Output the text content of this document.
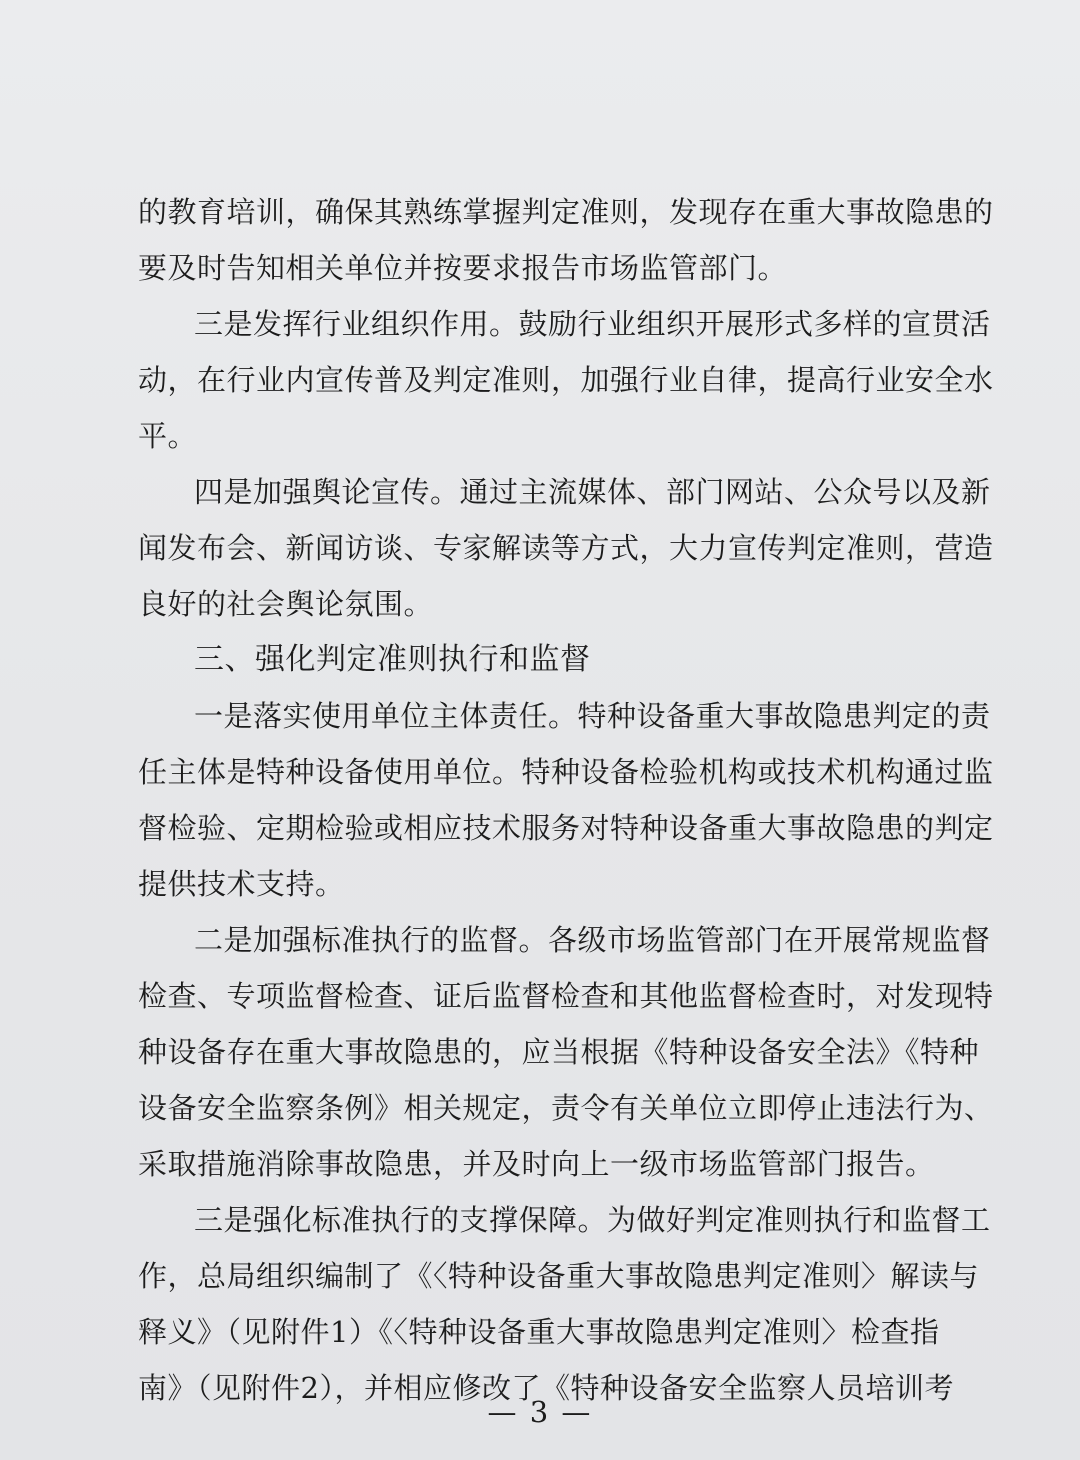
的教育培训，确保其熟练掌握判定准则，发现存在重大事故隐患的
要及时告知相关单位并按要求报告市场监管部门。
三是发挥行业组织作用。鼓励行业组织开展形式多样的宣贯活
动，在行业内宣传普及判定准则，加强行业自律，提高行业安全水
平。
四是加强舆论宣传。通过主流媒体、部门网站、公众号以及新
闻发布会、新闻访谈、专家解读等方式，大力宣传判定准则，营造
良好的社会舆论氛围。
三、强化判定准则执行和监督
一是落实使用单位主体责任。特种设备重大事故隐患判定的责
任主体是特种设备使用单位。特种设备检验机构或技术机构通过监
督检验、定期检验或相应技术服务对特种设备重大事故隐患的判定
提供技术支持。
二是加强标准执行的监督。各级市场监管部门在开展常规监督
检查、专项监督检查、证后监督检查和其他监督检查时，对发现特
种设备存在重大事故隐患的，应当根据《特种设备安全法》《特种
设备安全监察条例》相关规定，责令有关单位立即停止违法行为、
采取措施消除事故隐患，并及时向上一级市场监管部门报告。
三是强化标准执行的支撑保障。为做好判定准则执行和监督工
作，总局组织编制了《〈特种设备重大事故隐患判定准则〉解读与
释义》（见附件1）《〈特种设备重大事故隐患判定准则〉检查指
南》（见附件2），并相应修改了《特种设备安全监察人员培训考
— 3 —
